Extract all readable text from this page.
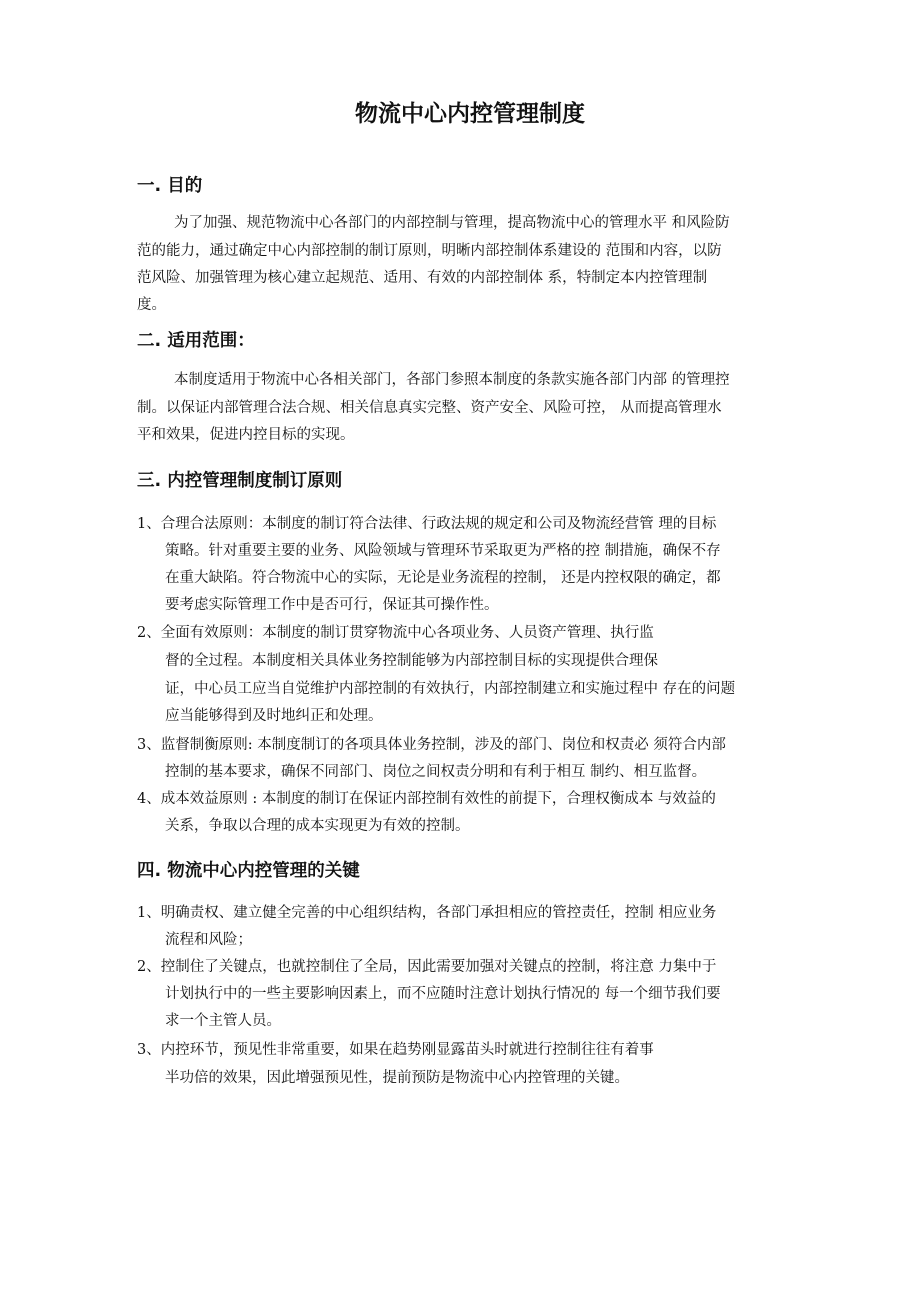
物流中心内控管理制度
一. 目的

为了加强、规范物流中心各部门的内部控制与管理，提高物流中心的管理水平 和风险防

范的能力，通过确定中心内部控制的制订原则，明晰内部控制体系建设的 范围和内容，以防

范风险、加强管理为核心建立起规范、适用、有效的内部控制体 系，特制定本内控管理制

度。

二. 适用范围：

本制度适用于物流中心各相关部门，各部门参照本制度的条款实施各部门内部 的管理控

制。以保证内部管理合法合规、相关信息真实完整、资产安全、风险可控， 从而提高管理水

平和效果，促进内控目标的实现。

三. 内控管理制度制订原则

1、合理合法原则：本制度的制订符合法律、行政法规的规定和公司及物流经营管 理的目标

策略。针对重要主要的业务、风险领域与管理环节采取更为严格的控 制措施，确保不存

在重大缺陷。符合物流中心的实际，无论是业务流程的控制， 还是内控权限的确定，都

要考虑实际管理工作中是否可行，保证其可操作性。

2、全面有效原则：本制度的制订贯穿物流中心各项业务、人员资产管理、执行监

督的全过程。本制度相关具体业务控制能够为内部控制目标的实现提供合理保

证，中心员工应当自觉维护内部控制的有效执行，内部控制建立和实施过程中 存在的问题

应当能够得到及时地纠正和处理。

3、监督制衡原则: 本制度制订的各项具体业务控制，涉及的部门、岗位和权责必 须符合内部

控制的基本要求，确保不同部门、岗位之间权责分明和有利于相互 制约、相互监督。

4、成本效益原则 : 本制度的制订在保证内部控制有效性的前提下，合理权衡成本 与效益的

关系，争取以合理的成本实现更为有效的控制。

四. 物流中心内控管理的关键

1、明确责权、建立健全完善的中心组织结构，各部门承担相应的管控责任，控制 相应业务

流程和风险；

2、控制住了关键点，也就控制住了全局，因此需要加强对关键点的控制，将注意 力集中于

计划执行中的一些主要影响因素上，而不应随时注意计划执行情况的 每一个细节我们要

求一个主管人员。

3、内控环节，预见性非常重要，如果在趋势刚显露苗头时就进行控制往往有着事

半功倍的效果，因此增强预见性，提前预防是物流中心内控管理的关键。
